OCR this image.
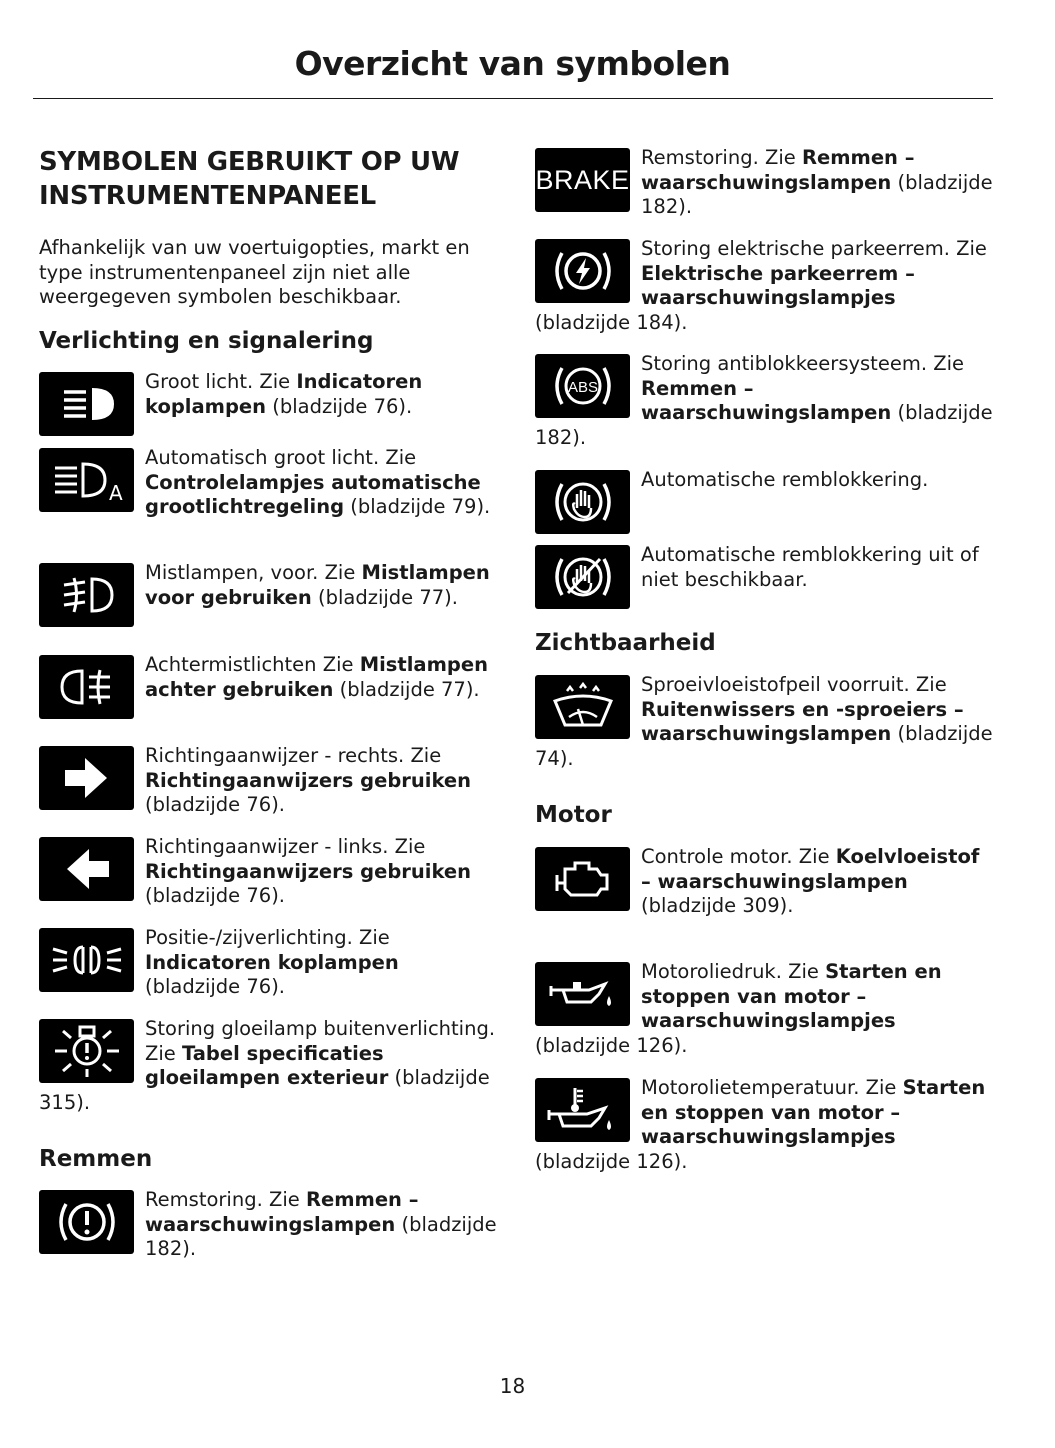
Overzicht van symbolen
SYMBOLEN GEBRUIKT OP UW INSTRUMENTENPANEEL
Afhankelijk van uw voertuigopties, markt en type instrumentenpaneel zijn niet alle weergegeven symbolen beschikbaar.
Verlichting en signalering
Groot licht. Zie Indicatoren koplampen (bladzijde 76).
A
Automatisch groot licht. Zie Controlelampjes automatische grootlichtregeling (bladzijde 79).
Mistlampen, voor. Zie Mistlampen voor gebruiken (bladzijde 77).
Achtermistlichten Zie Mistlampen achter gebruiken (bladzijde 77).
Richtingaanwijzer - rechts. Zie Richtingaanwijzers gebruiken (bladzijde 76).
Richtingaanwijzer - links. Zie Richtingaanwijzers gebruiken (bladzijde 76).
Positie-/zijverlichting. Zie Indicatoren koplampen (bladzijde 76).
Storing gloeilamp buitenverlichting. Zie Tabel specificaties gloeilampen exterieur (bladzijde 315).
Remmen
Remstoring. Zie Remmen – waarschuwingslampen (bladzijde 182).
BRAKE
Remstoring. Zie Remmen – waarschuwingslampen (bladzijde 182).
Storing elektrische parkeerrem. Zie Elektrische parkeerrem – waarschuwingslampjes (bladzijde 184).
ABS
Storing antiblokkeersysteem. Zie Remmen – waarschuwingslampen (bladzijde 182).
Automatische remblokkering.
Automatische remblokkering uit of niet beschikbaar.
Zichtbaarheid
Sproeivloeistofpeil voorruit. Zie Ruitenwissers en -sproeiers – waarschuwingslampen (bladzijde 74).
Motor
Controle motor. Zie Koelvloeistof – waarschuwingslampen (bladzijde 309).
Motoroliedruk. Zie Starten en stoppen van motor – waarschuwingslampjes (bladzijde 126).
Motorolietemperatuur. Zie Starten en stoppen van motor – waarschuwingslampjes (bladzijde 126).
18
